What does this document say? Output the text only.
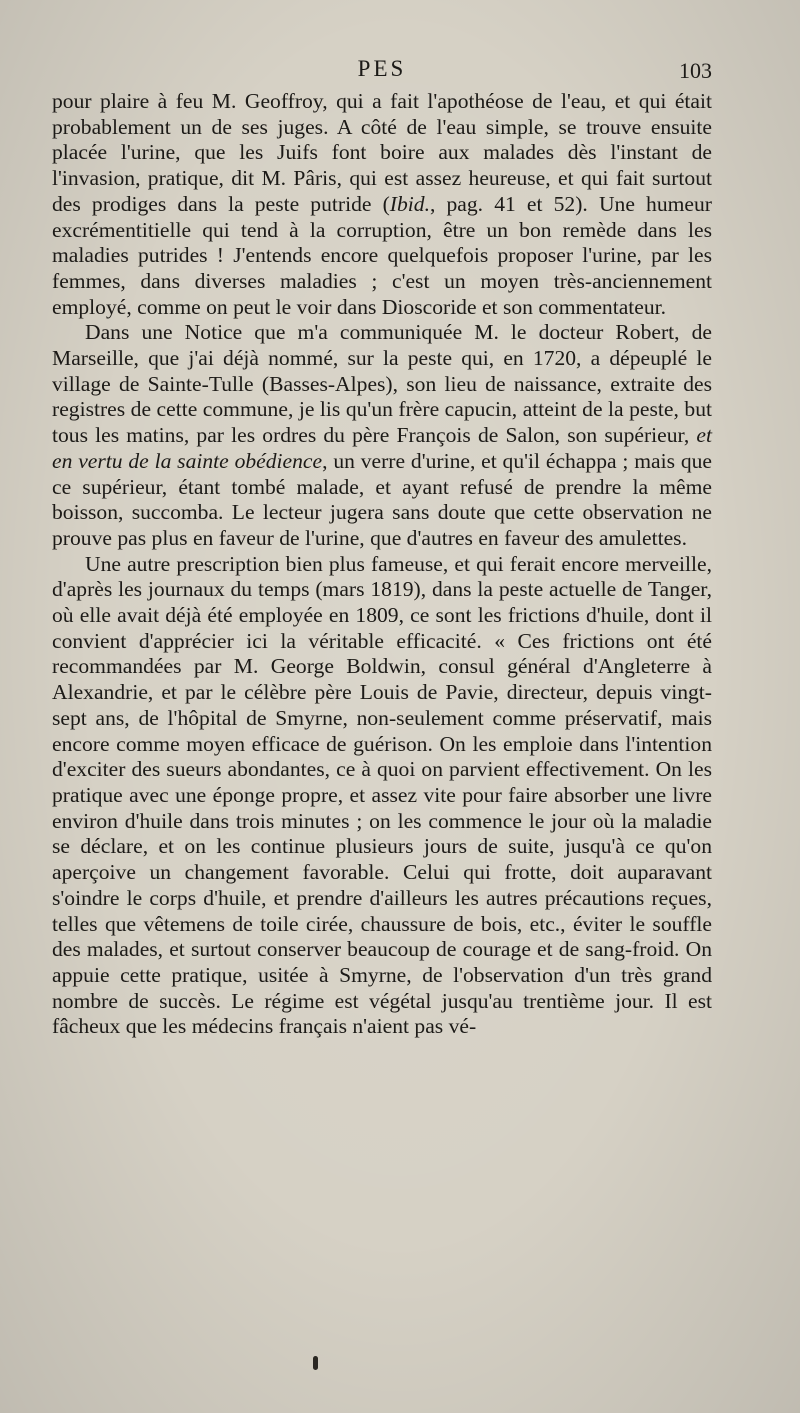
PES	103

pour plaire à feu M. Geoffroy, qui a fait l'apothéose de l'eau, et qui était probablement un de ses juges. A côté de l'eau simple, se trouve ensuite placée l'urine, que les Juifs font boire aux malades dès l'instant de l'invasion, pratique, dit M. Pâris, qui est assez heureuse, et qui fait surtout des prodiges dans la peste putride (Ibid., pag. 41 et 52). Une humeur excrémentitielle qui tend à la corruption, être un bon remède dans les maladies putrides ! J'entends encore quelquefois proposer l'urine, par les femmes, dans diverses maladies ; c'est un moyen très-anciennement employé, comme on peut le voir dans Dioscoride et son commentateur.

Dans une Notice que m'a communiquée M. le docteur Robert, de Marseille, que j'ai déjà nommé, sur la peste qui, en 1720, a dépeuplé le village de Sainte-Tulle (Basses-Alpes), son lieu de naissance, extraite des registres de cette commune, je lis qu'un frère capucin, atteint de la peste, but tous les matins, par les ordres du père François de Salon, son supérieur, et en vertu de la sainte obédience, un verre d'urine, et qu'il échappa ; mais que ce supérieur, étant tombé malade, et ayant refusé de prendre la même boisson, succomba. Le lecteur jugera sans doute que cette observation ne prouve pas plus en faveur de l'urine, que d'autres en faveur des amulettes.

Une autre prescription bien plus fameuse, et qui ferait encore merveille, d'après les journaux du temps (mars 1819), dans la peste actuelle de Tanger, où elle avait déjà été employée en 1809, ce sont les frictions d'huile, dont il convient d'apprécier ici la véritable efficacité. « Ces frictions ont été recommandées par M. George Boldwin, consul général d'Angleterre à Alexandrie, et par le célèbre père Louis de Pavie, directeur, depuis vingt-sept ans, de l'hôpital de Smyrne, non-seulement comme préservatif, mais encore comme moyen efficace de guérison. On les emploie dans l'intention d'exciter des sueurs abondantes, ce à quoi on parvient effectivement. On les pratique avec une éponge propre, et assez vite pour faire absorber une livre environ d'huile dans trois minutes ; on les commence le jour où la maladie se déclare, et on les continue plusieurs jours de suite, jusqu'à ce qu'on aperçoive un changement favorable. Celui qui frotte, doit auparavant s'oindre le corps d'huile, et prendre d'ailleurs les autres précautions reçues, telles que vêtemens de toile cirée, chaussure de bois, etc., éviter le souffle des malades, et surtout conserver beaucoup de courage et de sang-froid. On appuie cette pratique, usitée à Smyrne, de l'observation d'un très grand nombre de succès. Le régime est végétal jusqu'au trentième jour. Il est fâcheux que les médecins français n'aient pas vé-
